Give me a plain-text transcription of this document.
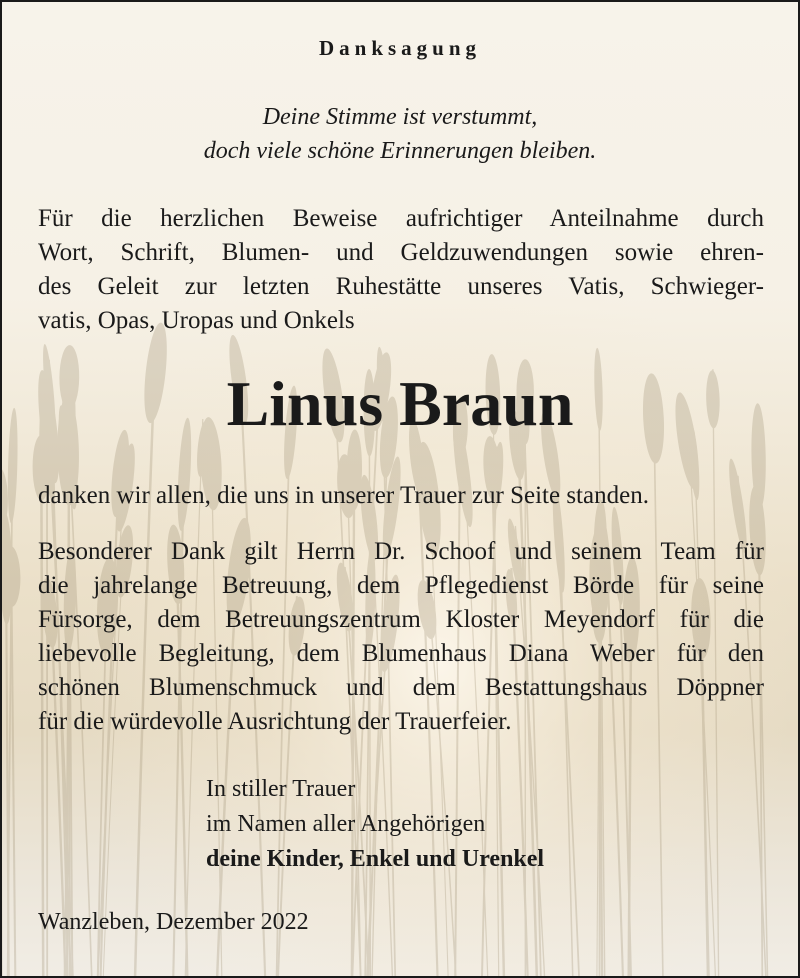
Danksagung
Deine Stimme ist verstummt,
doch viele schöne Erinnerungen bleiben.
Für die herzlichen Beweise aufrichtiger Anteilnahme durch
Wort, Schrift, Blumen- und Geldzuwendungen sowie ehren-
des Geleit zur letzten Ruhestätte unseres Vatis, Schwieger-
vatis, Opas, Uropas und Onkels
Linus Braun
danken wir allen, die uns in unserer Trauer zur Seite standen.
Besonderer Dank gilt Herrn Dr. Schoof und seinem Team für
die jahrelange Betreuung, dem Pflegedienst Börde für seine
Fürsorge, dem Betreuungszentrum Kloster Meyendorf für die
liebevolle Begleitung, dem Blumenhaus Diana Weber für den
schönen Blumenschmuck und dem Bestattungshaus Döppner
für die würdevolle Ausrichtung der Trauerfeier.
In stiller Trauer
im Namen aller Angehörigen
deine Kinder, Enkel und Urenkel
Wanzleben, Dezember 2022
